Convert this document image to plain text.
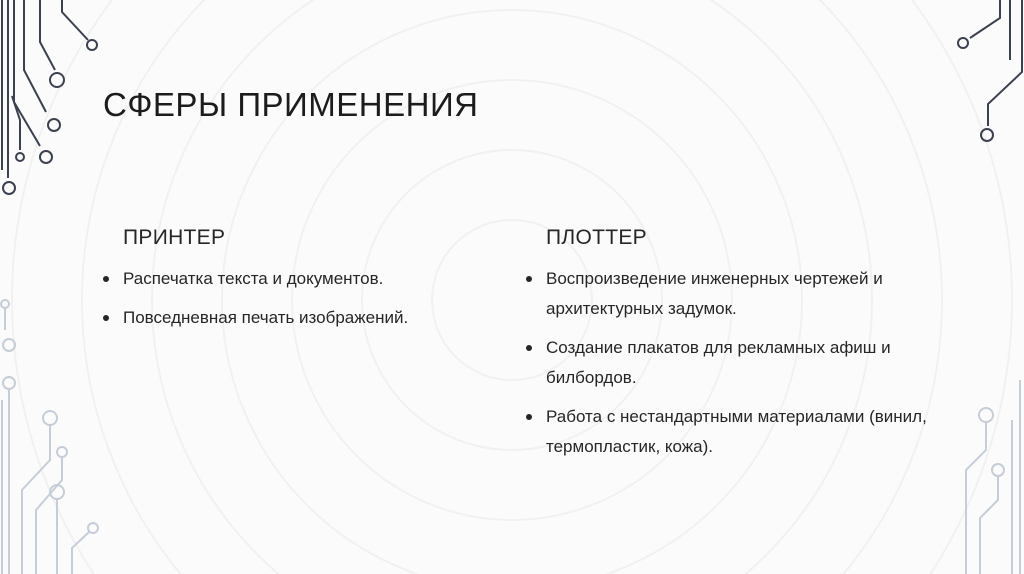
СФЕРЫ ПРИМЕНЕНИЯ
ПРИНТЕР
Распечатка текста и документов.
Повседневная печать изображений.
ПЛОТТЕР
Воспроизведение инженерных чертежей и архитектурных задумок.
Создание плакатов для рекламных афиш и билбордов.
Работа с нестандартными материалами (винил, термопластик, кожа).
